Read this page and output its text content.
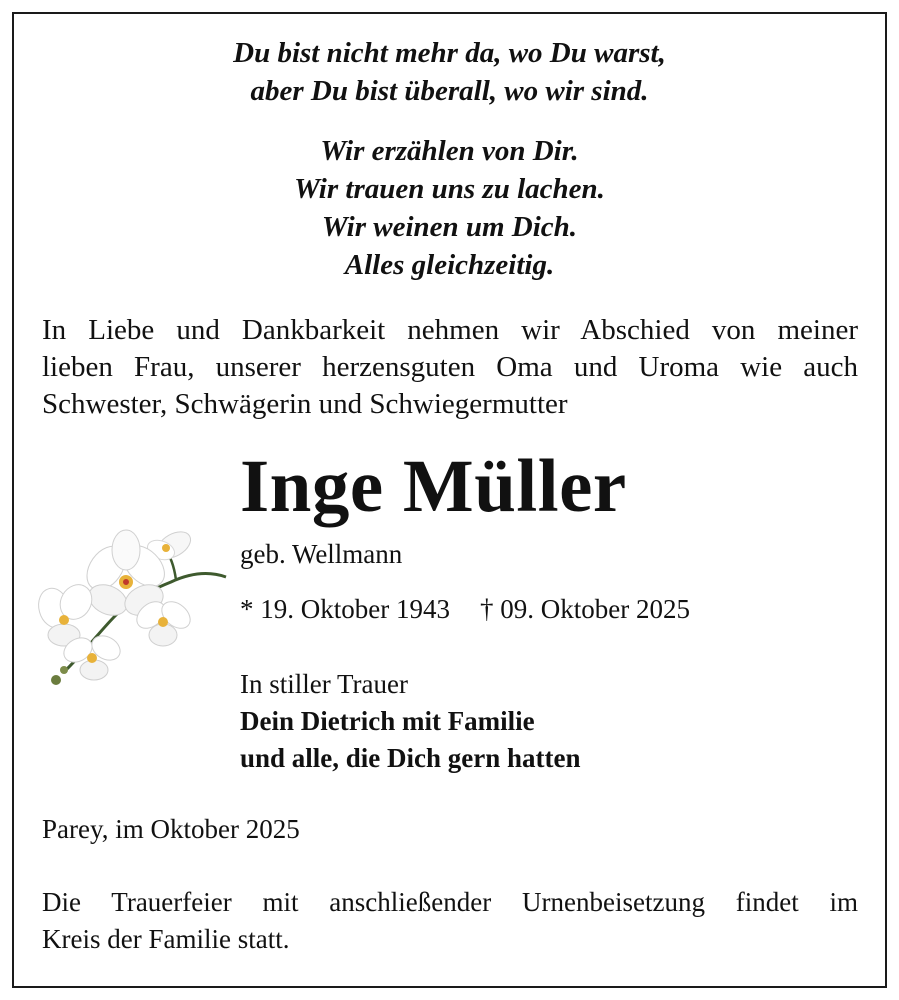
Du bist nicht mehr da, wo Du warst,
aber Du bist überall, wo wir sind.
Wir erzählen von Dir.
Wir trauen uns zu lachen.
Wir weinen um Dich.
Alles gleichzeitig.
In Liebe und Dankbarkeit nehmen wir Abschied von meiner
lieben Frau, unserer herzensguten Oma und Uroma wie auch
Schwester, Schwägerin und Schwiegermutter
Inge Müller
geb. Wellmann
* 19. Oktober 1943 † 09. Oktober 2025
In stiller Trauer
Dein Dietrich mit Familie
und alle, die Dich gern hatten
Parey, im Oktober 2025
Die Trauerfeier mit anschließender Urnenbeisetzung findet im
Kreis der Familie statt.
